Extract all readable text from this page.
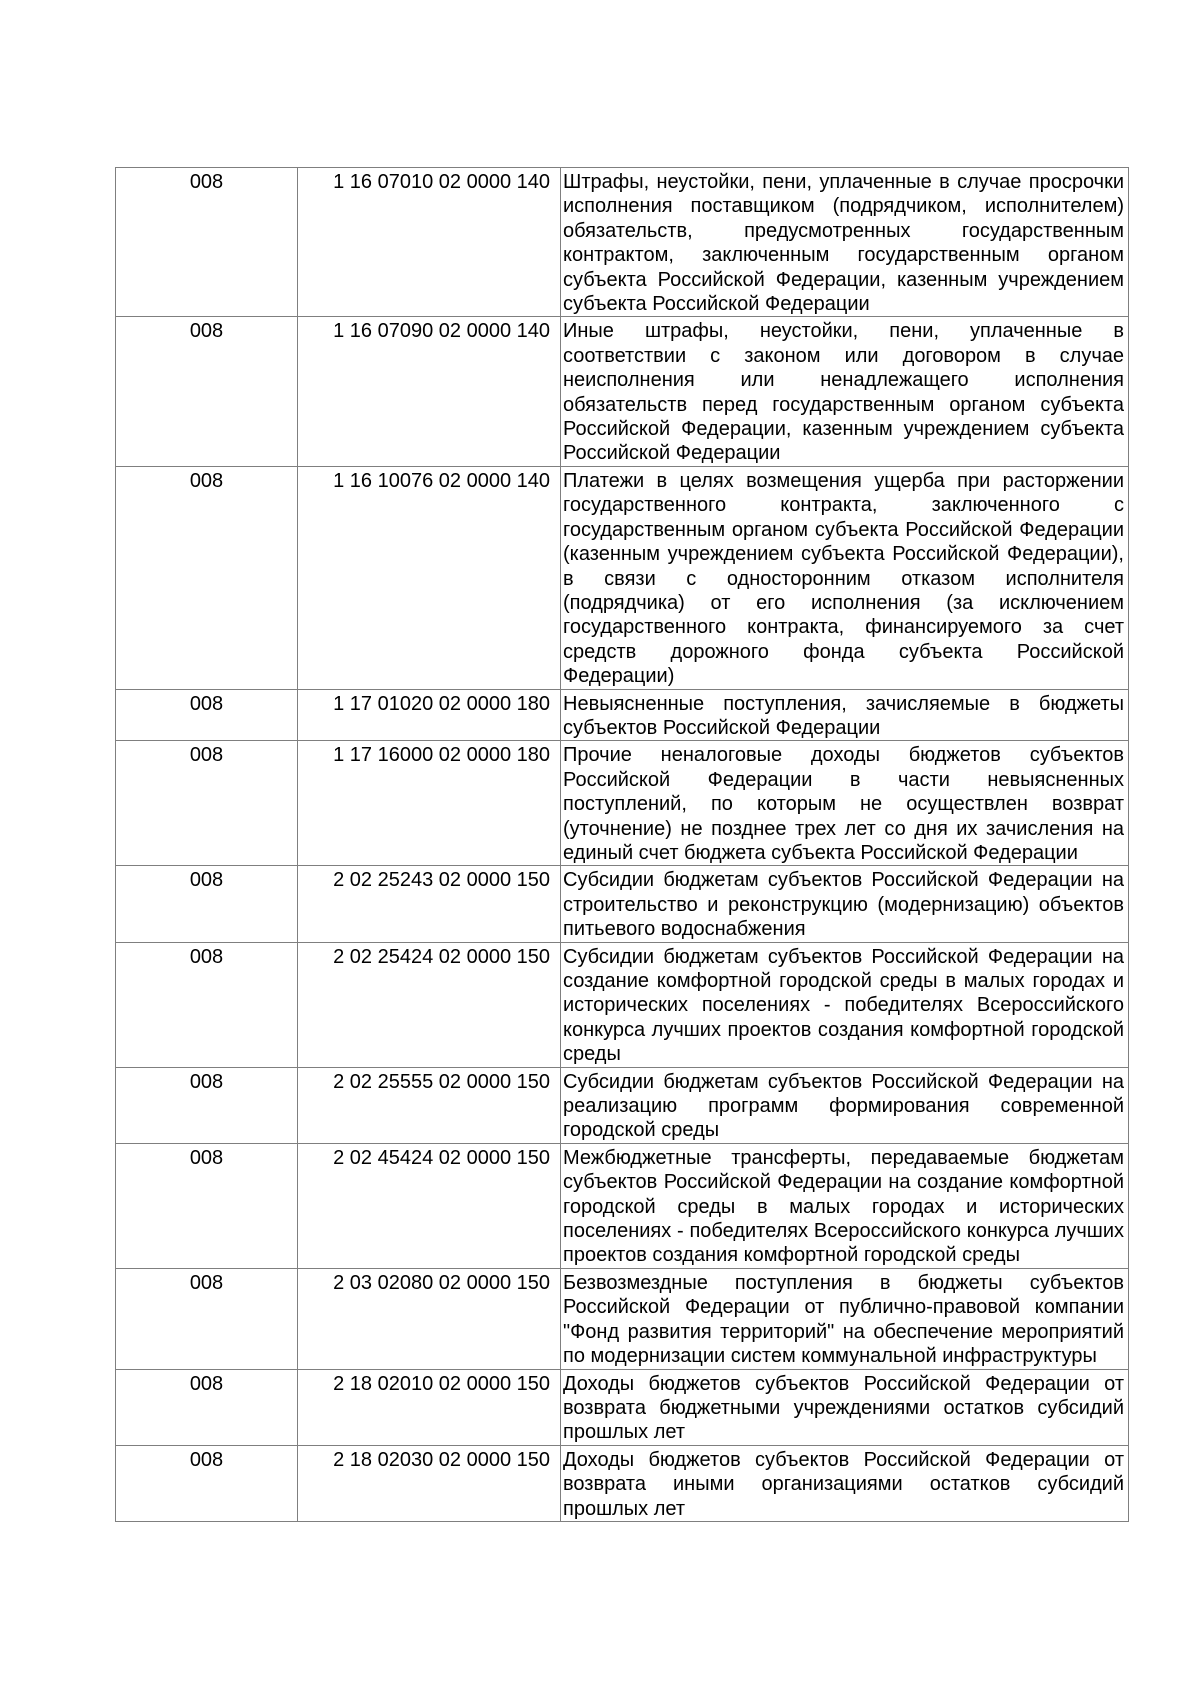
008	1 16 07010 02 0000 140	Штрафы, неустойки, пени, уплаченные в случае просрочки исполнения поставщиком (подрядчиком, исполнителем) обязательств, предусмотренных государственным контрактом, заключенным государственным органом субъекта Российской Федерации, казенным учреждением субъекта Российской Федерации
008	1 16 07090 02 0000 140	Иные штрафы, неустойки, пени, уплаченные в соответствии с законом или договором в случае неисполнения или ненадлежащего исполнения обязательств перед государственным органом субъекта Российской Федерации, казенным учреждением субъекта Российской Федерации
008	1 16 10076 02 0000 140	Платежи в целях возмещения ущерба при расторжении государственного контракта, заключенного с государственным органом субъекта Российской Федерации (казенным учреждением субъекта Российской Федерации), в связи с односторонним отказом исполнителя (подрядчика) от его исполнения (за исключением государственного контракта, финансируемого за счет средств дорожного фонда субъекта Российской Федерации)
008	1 17 01020 02 0000 180	Невыясненные поступления, зачисляемые в бюджеты субъектов Российской Федерации
008	1 17 16000 02 0000 180	Прочие неналоговые доходы бюджетов субъектов Российской Федерации в части невыясненных поступлений, по которым не осуществлен возврат (уточнение) не позднее трех лет со дня их зачисления на единый счет бюджета субъекта Российской Федерации
008	2 02 25243 02 0000 150	Субсидии бюджетам субъектов Российской Федерации на строительство и реконструкцию (модернизацию) объектов питьевого водоснабжения
008	2 02 25424 02 0000 150	Субсидии бюджетам субъектов Российской Федерации на создание комфортной городской среды в малых городах и исторических поселениях - победителях Всероссийского конкурса лучших проектов создания комфортной городской среды
008	2 02 25555 02 0000 150	Субсидии бюджетам субъектов Российской Федерации на реализацию программ формирования современной городской среды
008	2 02 45424 02 0000 150	Межбюджетные трансферты, передаваемые бюджетам субъектов Российской Федерации на создание комфортной городской среды в малых городах и исторических поселениях - победителях Всероссийского конкурса лучших проектов создания комфортной городской среды
008	2 03 02080 02 0000 150	Безвозмездные поступления в бюджеты субъектов Российской Федерации от публично-правовой компании "Фонд развития территорий" на обеспечение мероприятий по модернизации систем коммунальной инфраструктуры
008	2 18 02010 02 0000 150	Доходы бюджетов субъектов Российской Федерации от возврата бюджетными учреждениями остатков субсидий прошлых лет
008	2 18 02030 02 0000 150	Доходы бюджетов субъектов Российской Федерации от возврата иными организациями остатков субсидий прошлых лет
